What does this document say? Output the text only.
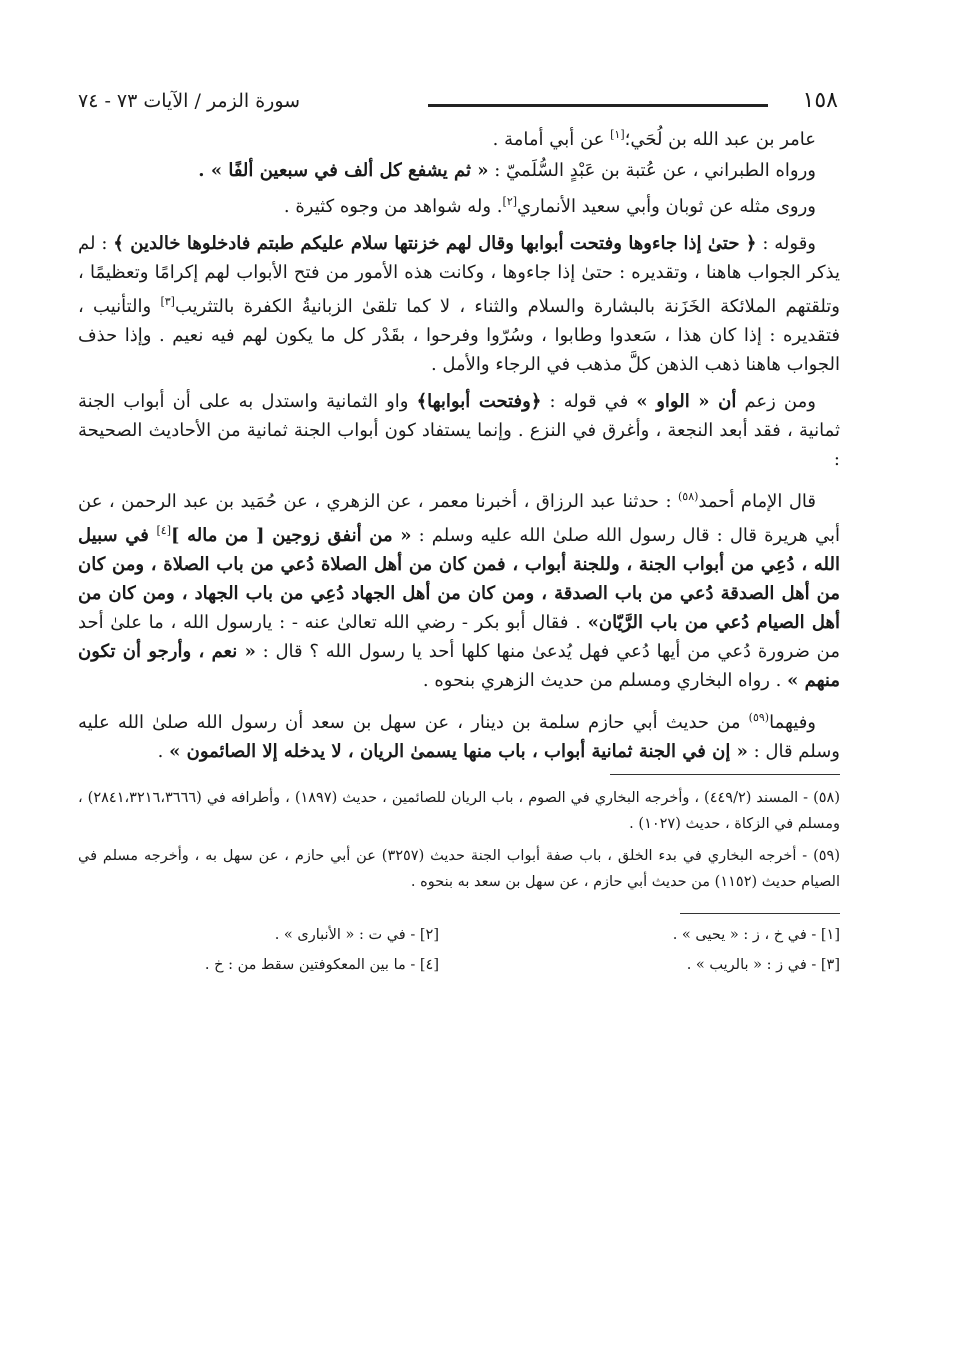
١٥٨
سورة الزمر / الآيات ٧٣ - ٧٤

عامر بن عبد الله بن لُحَي؛[١] عن أبي أمامة .

ورواه الطبراني ، عن عُتبة بن عَبْدٍ السُّلَميّ : « ثم يشفع كل ألف في سبعين ألفًا » .

وروى مثله عن ثوبان وأبي سعيد الأنماري[٢]. وله شواهد من وجوه كثيرة .

وقوله : ﴿ حتىٰ إذا جاءوها وفتحت أبوابها وقال لهم خزنتها سلام عليكم طبتم فادخلوها خالدين ﴾ : لم يذكر الجواب هاهنا ، وتقديره : حتىٰ إذا جاءوها ، وكانت هذه الأمور من فتح الأبواب لهم إكرامًا وتعظيمًا ، وتلقتهم الملائكة الخَزَنة بالبشارة والسلام والثناء ، لا كما تلقىٰ الزبانيةُ الكفرة بالتثريب[٣] والتأنيب ، فتقديره : إذا كان هذا ، سَعدوا وطابوا ، وسُرّوا وفرحوا ، بقَدْر كل ما يكون لهم فيه نعيم . وإذا حذف الجواب هاهنا ذهب الذهن كلَّ مذهب في الرجاء والأمل .

ومن زعم أن « الواو » في قوله : ﴿وفتحت أبوابها﴾ واو الثمانية واستدل به على أن أبواب الجنة ثمانية ، فقد أبعد النجعة ، وأغرق في النزع . وإنما يستفاد كون أبواب الجنة ثمانية من الأحاديث الصحيحة :

قال الإمام أحمد$^{(٥٨)}$ : حدثنا عبد الرزاق ، أخبرنا معمر ، عن الزهري ، عن حُمَيد بن عبد الرحمن ، عن أبي هريرة قال : قال رسول الله صلىٰ الله عليه وسلم : « من أنفق زوجين [ من ماله ][٤] في سبيل الله ، دُعِي من أبواب الجنة ، وللجنة أبواب ، فمن كان من أهل الصلاة دُعي من باب الصلاة ، ومن كان من أهل الصدقة دُعي من باب الصدقة ، ومن كان من أهل الجهاد دُعِي من باب الجهاد ، ومن كان من أهل الصيام دُعي من باب الرَّيّان» . فقال أبو بكر - رضي الله تعالىٰ عنه - : يارسول الله ، ما علىٰ أحد من ضرورة دُعي من أيها دُعي فهل يُدعىٰ منها كلها أحد يا رسول الله ؟ قال : « نعم ، وأرجو أن تكون منهم » . رواه البخاري ومسلم من حديث الزهري بنحوه .

وفيهما$^{(٥٩)}$ من حديث أبي حازم سلمة بن دينار ، عن سهل بن سعد أن رسول الله صلىٰ الله عليه وسلم قال : « إن في الجنة ثمانية أبواب ، باب منها يسمىٰ الريان ، لا يدخله إلا الصائمون » .

(٥٨) - المسند (٤٤٩/٢) ، وأخرجه البخاري في الصوم ، باب الريان للصائمين ، حديث (١٨٩٧) ، وأطرافه في (٢٨٤١،٣٢١٦،٣٦٦٦) ، ومسلم في الزكاة ، حديث (١٠٢٧) .

(٥٩) - أخرجه البخاري في بدء الخلق ، باب صفة أبواب الجنة حديث (٣٢٥٧) عن أبي حازم ، عن سهل به ، وأخرجه مسلم في الصيام حديث (١١٥٢) من حديث أبي حازم ، عن سهل بن سعد به بنحوه .

[١] - في خ ، ز : « يحيى » .
[٢] - في ت : « الأنبارى » .
[٣] - في ز : « بالريب » .
[٤] - ما بين المعكوفتين سقط من : خ .
